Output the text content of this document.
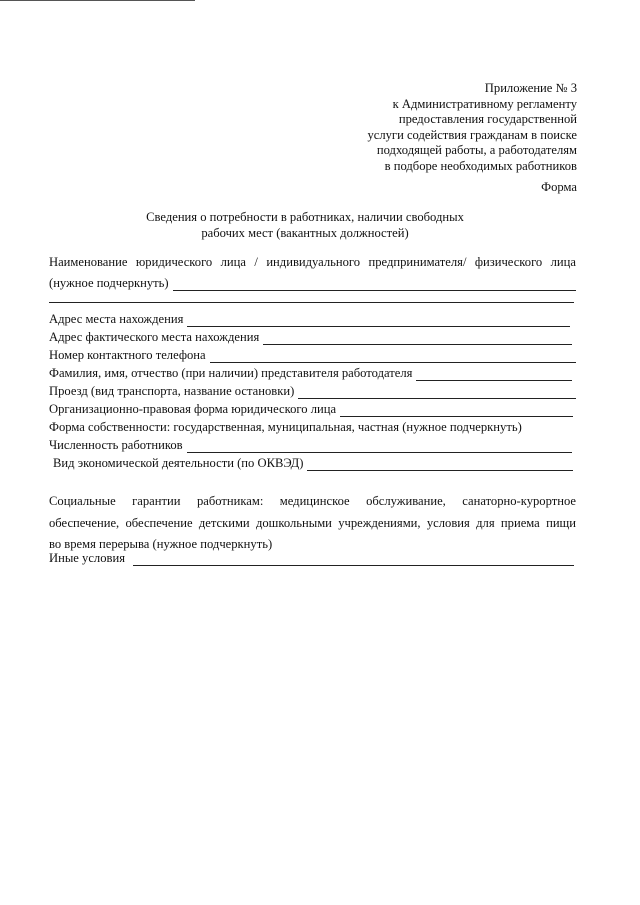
Приложение № 3
к Административному регламенту
предоставления государственной
услуги содействия гражданам в поиске
подходящей работы, а работодателям
в подборе необходимых работников
Форма
Сведения о потребности в работниках, наличии свободных
рабочих мест (вакантных должностей)
Наименование юридического лица / индивидуального предпринимателя/ физического лица
(нужное подчеркнуть)
Адрес места нахождения
Адрес фактического места нахождения
Номер контактного телефона
Фамилия, имя, отчество (при наличии) представителя работодателя
Проезд (вид транспорта, название остановки)
Организационно-правовая форма юридического лица
Форма собственности: государственная, муниципальная, частная (нужное подчеркнуть)
Численность работников
Вид экономической деятельности (по ОКВЭД)
Социальные гарантии работникам: медицинское обслуживание, санаторно-курортное
обеспечение, обеспечение детскими дошкольными учреждениями, условия для приема пищи
во время перерыва (нужное подчеркнуть)
Иные условия
